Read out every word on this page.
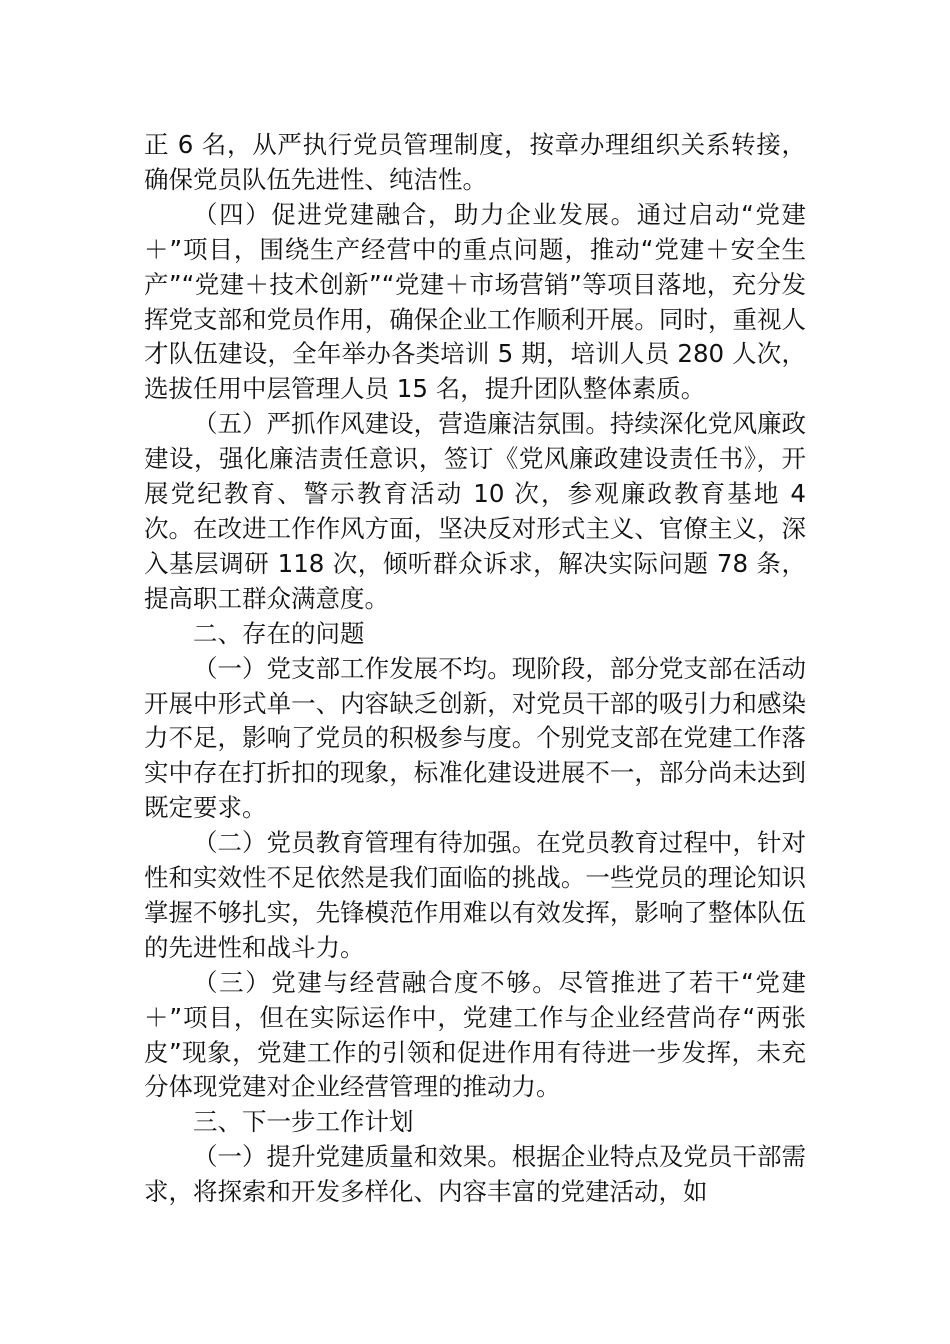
正 6 名，从严执行党员管理制度，按章办理组织关系转接，确保党员队伍先进性、纯洁性。

（四）促进党建融合，助力企业发展。通过启动“党建＋”项目，围绕生产经营中的重点问题，推动“党建＋安全生产”“党建＋技术创新”“党建＋市场营销”等项目落地，充分发挥党支部和党员作用，确保企业工作顺利开展。同时，重视人才队伍建设，全年举办各类培训 5 期，培训人员 280 人次，选拔任用中层管理人员 15 名，提升团队整体素质。

（五）严抓作风建设，营造廉洁氛围。持续深化党风廉政建设，强化廉洁责任意识，签订《党风廉政建设责任书》，开展党纪教育、警示教育活动 10 次，参观廉政教育基地 4 次。在改进工作作风方面，坚决反对形式主义、官僚主义，深入基层调研 118 次，倾听群众诉求，解决实际问题 78 条，提高职工群众满意度。

二、存在的问题

（一）党支部工作发展不均。现阶段，部分党支部在活动开展中形式单一、内容缺乏创新，对党员干部的吸引力和感染力不足，影响了党员的积极参与度。个别党支部在党建工作落实中存在打折扣的现象，标准化建设进展不一，部分尚未达到既定要求。

（二）党员教育管理有待加强。在党员教育过程中，针对性和实效性不足依然是我们面临的挑战。一些党员的理论知识掌握不够扎实，先锋模范作用难以有效发挥，影响了整体队伍的先进性和战斗力。

（三）党建与经营融合度不够。尽管推进了若干“党建＋”项目，但在实际运作中，党建工作与企业经营尚存“两张皮”现象，党建工作的引领和促进作用有待进一步发挥，未充分体现党建对企业经营管理的推动力。

三、下一步工作计划

（一）提升党建质量和效果。根据企业特点及党员干部需求，将探索和开发多样化、内容丰富的党建活动，如
